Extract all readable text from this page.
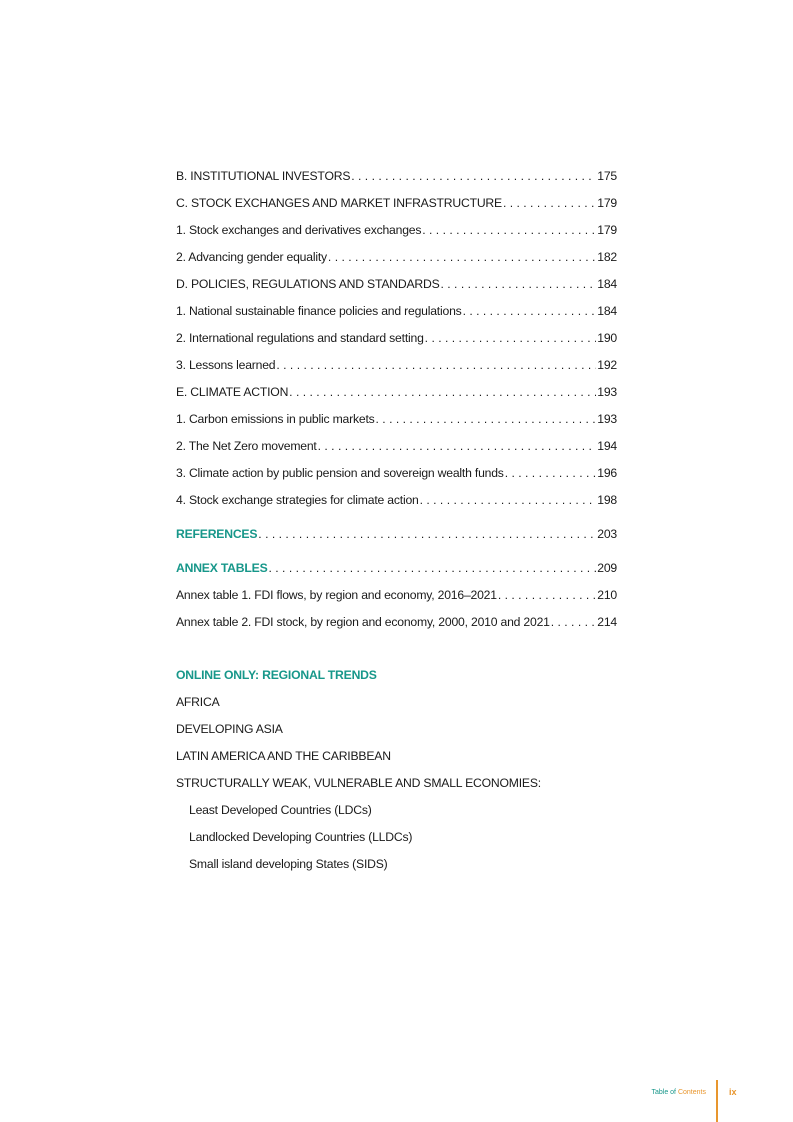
B. INSTITUTIONAL INVESTORS . . .	175
C. STOCK EXCHANGES AND MARKET INFRASTRUCTURE . . .	179
1. Stock exchanges and derivatives exchanges . . .	179
2. Advancing gender equality . . .	182
D. POLICIES, REGULATIONS AND STANDARDS . . .	184
1. National sustainable finance policies and regulations . . .	184
2. International regulations and standard setting . . .	190
3. Lessons learned . . .	192
E. CLIMATE ACTION . . .	193
1. Carbon emissions in public markets . . .	193
2. The Net Zero movement . . .	194
3. Climate action by public pension and sovereign wealth funds . . .	196
4. Stock exchange strategies for climate action . . .	198
REFERENCES . . .	203
ANNEX TABLES . . .	209
Annex table 1. FDI flows, by region and economy, 2016–2021 . . .	210
Annex table 2. FDI stock, by region and economy, 2000, 2010 and 2021 . . .	214
ONLINE ONLY: REGIONAL TRENDS
AFRICA
DEVELOPING ASIA
LATIN AMERICA AND THE CARIBBEAN
STRUCTURALLY WEAK, VULNERABLE AND SMALL ECONOMIES:
Least Developed Countries (LDCs)
Landlocked Developing Countries (LLDCs)
Small island developing States (SIDS)
Table of Contents	ix
